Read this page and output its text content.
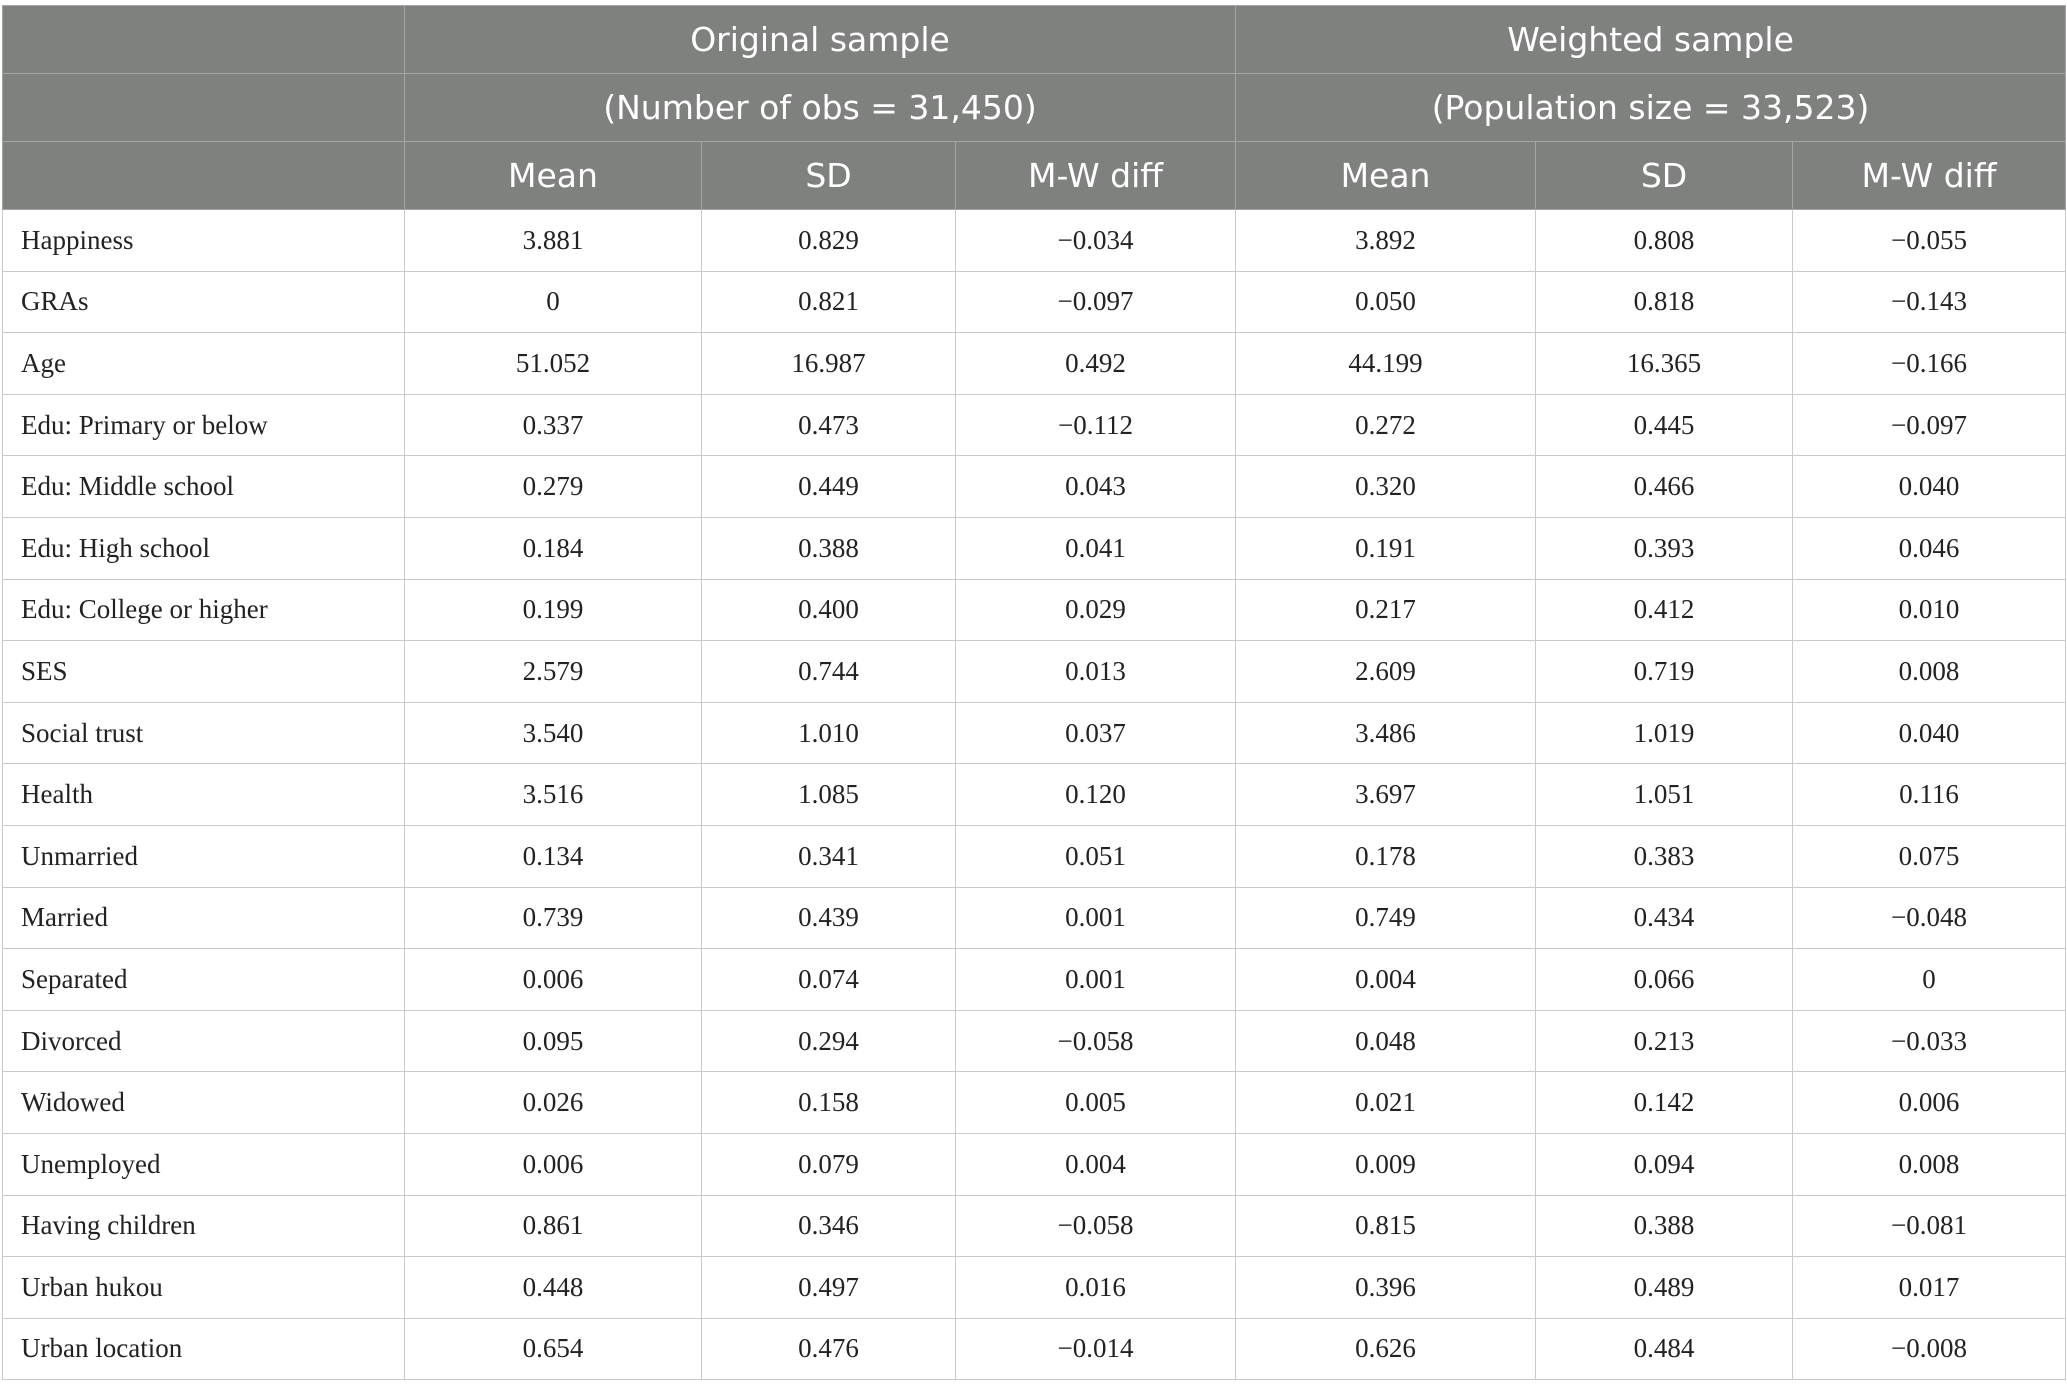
	Original sample			Weighted sample		
	(Number of obs = 31,450)			(Population size = 33,523)		
	Mean	SD	M-W diff	Mean	SD	M-W diff
Happiness	3.881	0.829	−0.034	3.892	0.808	−0.055
GRAs	0	0.821	−0.097	0.050	0.818	−0.143
Age	51.052	16.987	0.492	44.199	16.365	−0.166
Edu: Primary or below	0.337	0.473	−0.112	0.272	0.445	−0.097
Edu: Middle school	0.279	0.449	0.043	0.320	0.466	0.040
Edu: High school	0.184	0.388	0.041	0.191	0.393	0.046
Edu: College or higher	0.199	0.400	0.029	0.217	0.412	0.010
SES	2.579	0.744	0.013	2.609	0.719	0.008
Social trust	3.540	1.010	0.037	3.486	1.019	0.040
Health	3.516	1.085	0.120	3.697	1.051	0.116
Unmarried	0.134	0.341	0.051	0.178	0.383	0.075
Married	0.739	0.439	0.001	0.749	0.434	−0.048
Separated	0.006	0.074	0.001	0.004	0.066	0
Divorced	0.095	0.294	−0.058	0.048	0.213	−0.033
Widowed	0.026	0.158	0.005	0.021	0.142	0.006
Unemployed	0.006	0.079	0.004	0.009	0.094	0.008
Having children	0.861	0.346	−0.058	0.815	0.388	−0.081
Urban hukou	0.448	0.497	0.016	0.396	0.489	0.017
Urban location	0.654	0.476	−0.014	0.626	0.484	−0.008
